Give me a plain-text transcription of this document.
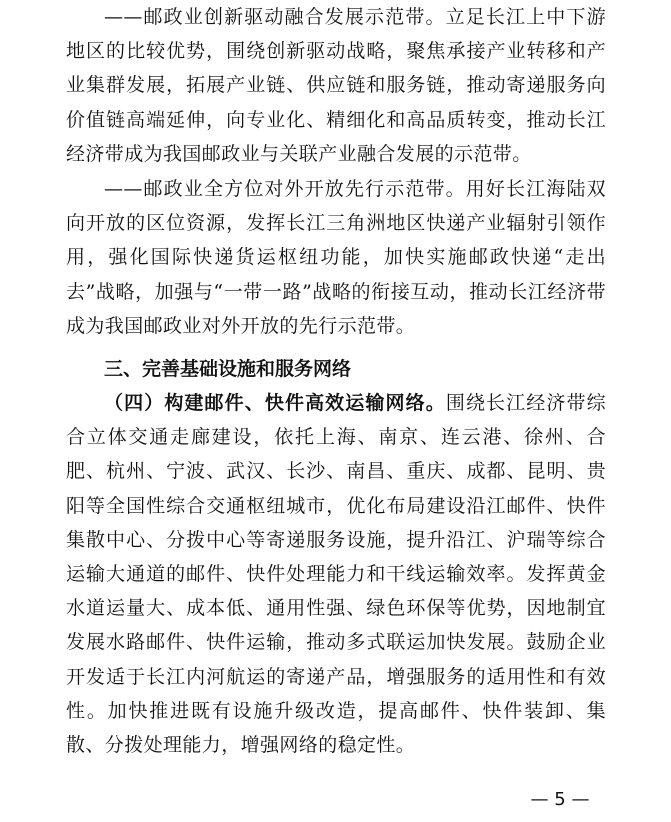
——邮政业创新驱动融合发展示范带。立足长江上中下游地区的比较优势，围绕创新驱动战略，聚焦承接产业转移和产业集群发展，拓展产业链、供应链和服务链，推动寄递服务向价值链高端延伸，向专业化、精细化和高品质转变，推动长江经济带成为我国邮政业与关联产业融合发展的示范带。

——邮政业全方位对外开放先行示范带。用好长江海陆双向开放的区位资源，发挥长江三角洲地区快递产业辐射引领作用，强化国际快递货运枢纽功能，加快实施邮政快递“走出去”战略，加强与“一带一路”战略的衔接互动，推动长江经济带成为我国邮政业对外开放的先行示范带。

三、完善基础设施和服务网络

（四）构建邮件、快件高效运输网络。围绕长江经济带综合立体交通走廊建设，依托上海、南京、连云港、徐州、合肥、杭州、宁波、武汉、长沙、南昌、重庆、成都、昆明、贵阳等全国性综合交通枢纽城市，优化布局建设沿江邮件、快件集散中心、分拨中心等寄递服务设施，提升沿江、沪瑞等综合运输大通道的邮件、快件处理能力和干线运输效率。发挥黄金水道运量大、成本低、通用性强、绿色环保等优势，因地制宜发展水路邮件、快件运输，推动多式联运加快发展。鼓励企业开发适于长江内河航运的寄递产品，增强服务的适用性和有效性。加快推进既有设施升级改造，提高邮件、快件装卸、集散、分拨处理能力，增强网络的稳定性。

— 5 —
